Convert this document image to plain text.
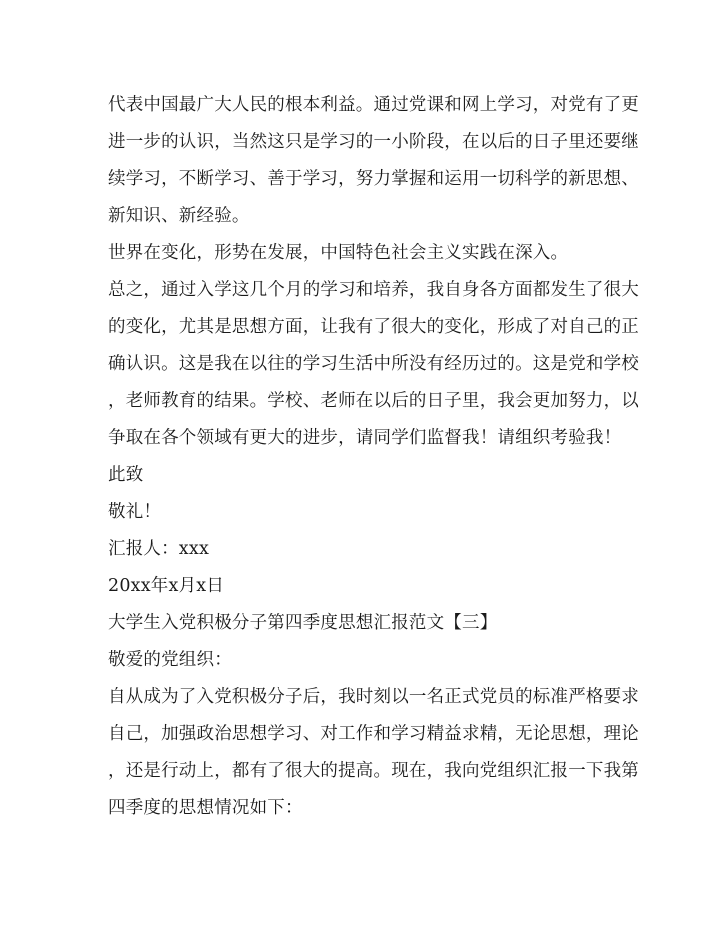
代表中国最广大人民的根本利益。通过党课和网上学习，对党有了更
进一步的认识，当然这只是学习的一小阶段，在以后的日子里还要继
续学习，不断学习、善于学习，努力掌握和运用一切科学的新思想、
新知识、新经验。
世界在变化，形势在发展，中国特色社会主义实践在深入。
总之，通过入学这几个月的学习和培养，我自身各方面都发生了很大
的变化，尤其是思想方面，让我有了很大的变化，形成了对自己的正
确认识。这是我在以往的学习生活中所没有经历过的。这是党和学校
，老师教育的结果。学校、老师在以后的日子里，我会更加努力，以
争取在各个领域有更大的进步，请同学们监督我！请组织考验我！
此致
敬礼！
汇报人：xxx
20xx年x月x日
大学生入党积极分子第四季度思想汇报范文【三】
敬爱的党组织：
自从成为了入党积极分子后，我时刻以一名正式党员的标准严格要求
自己，加强政治思想学习、对工作和学习精益求精，无论思想，理论
，还是行动上，都有了很大的提高。现在，我向党组织汇报一下我第
四季度的思想情况如下：
